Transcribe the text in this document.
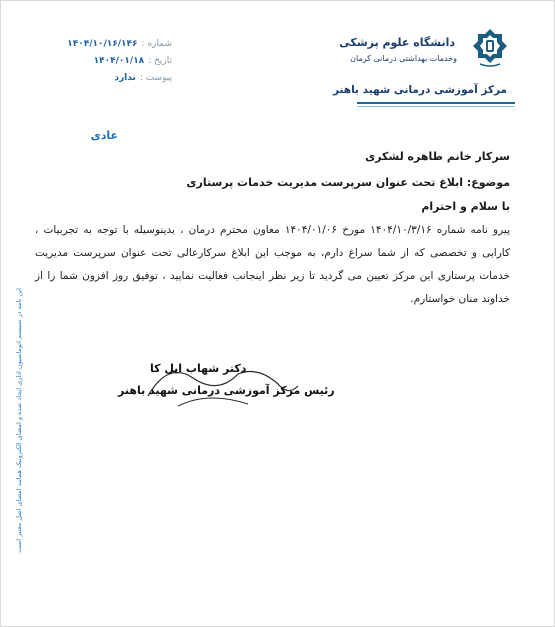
شماره :
۱۴۰۴/۱۰/۱۶/۱۴۶
تاریخ :
۱۴۰۴/۰۱/۱۸
پیوست :
ندارد
دانشگاه علوم پزشکی
وخدمات بهداشتی درمانی کرمان
مرکز آموزشی درمانی شهید باهنر
عادی
سرکار خانم طاهره لشکری
موضوع: ابلاغ تحت عنوان سرپرست مدیریت خدمات پرستاری
با سلام و احترام
پیرو نامه شماره ۱۴۰۴/۱۰/۳/۱۶ مورخ ۱۴۰۴/۰۱/۰۶ معاون محترم درمان ، بدینوسیله با توجه به تجربیات ، کارایی و تخصصی که از شما سراغ دارم، به موجب این ابلاغ سرکارعالی تحت عنوان سرپرست مدیریت خدمات پرستاری این مرکز تعیین می گردید تا زیر نظر اینجانب فعالیت نمایید ، توفیق روز افزون شما را از خداوند منان خواستارم.
دکتر شهاب ایل کا
رئیس مرکز آموزشی درمانی شهید باهنر
این نامه در سیستم اتوماسیون اداری ایجاد شده و امضای الکترونیک همانند امضای اصل معتبر است.
